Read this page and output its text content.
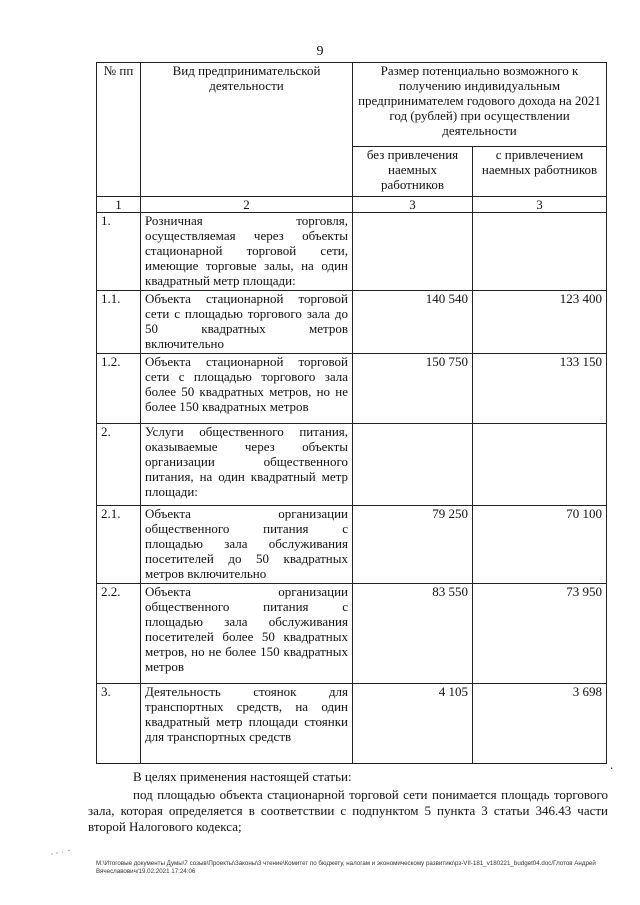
9
№ пп	Вид предпринимательской деятельности	Размер потенциально возможного к получению индивидуальным предпринимателем годового дохода на 2021 год (рублей) при осуществлении деятельности	
		без привлечения наемных работников	с привлечением наемных работников
1	2	3	3
1.	Розничная торговля, осуществляемая через объекты стационарной торговой сети, имеющие торговые залы, на один квадратный метр площади:		
1.1.	Объекта стационарной торговой сети с площадью торгового зала до 50 квадратных метров включительно	140 540	123 400
1.2.	Объекта стационарной торговой сети с площадью торгового зала более 50 квадратных метров, но не более 150 квадратных метров	150 750	133 150
2.	Услуги общественного питания, оказываемые через объекты организации общественного питания, на один квадратный метр площади:		
2.1.	Объекта организации общественного питания с площадью зала обслуживания посетителей до 50 квадратных метров включительно	79 250	70 100
2.2.	Объекта организации общественного питания с площадью зала обслуживания посетителей более 50 квадратных метров, но не более 150 квадратных метров	83 550	73 950
3.	Деятельность стоянок для транспортных средств, на один квадратный метр площади стоянки для транспортных средств	4 105	3 698
.

В целях применения настоящей статьи:

под площадью объекта стационарной торговой сети понимается площадь торгового зала, которая определяется в соответствии с подпунктом 5 пункта 3 статьи 346.43 части второй Налогового кодекса;

M:\Итоговые документы Думы\7 созыв\Проекты\Законы\3 чтение\Комитет по бюджету, налогам и экономическому развитию\рз-VII-181_v180221_budget04.doc/Глотов Андрей Вячеславович/19.02.2021 17:24:06
